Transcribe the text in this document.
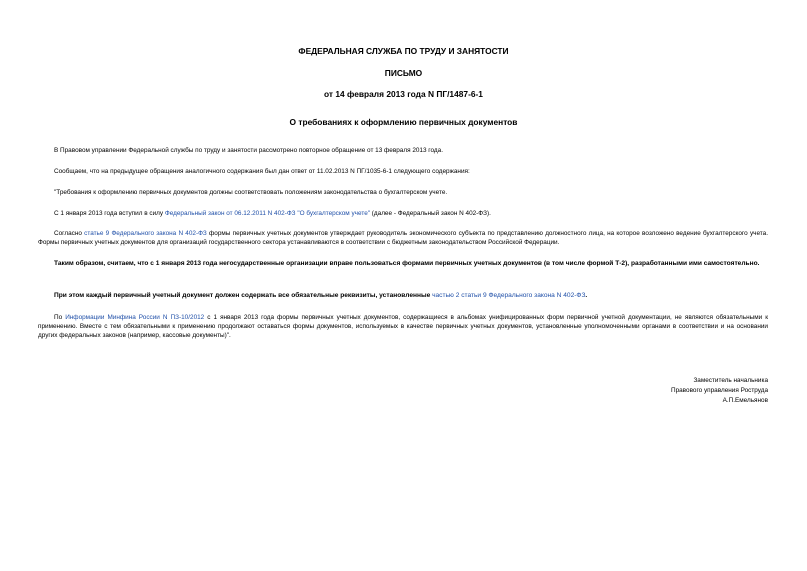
ФЕДЕРАЛЬНАЯ СЛУЖБА ПО ТРУДУ И ЗАНЯТОСТИ
ПИСЬМО
от 14 февраля 2013 года N ПГ/1487-6-1
О требованиях к оформлению первичных документов
В Правовом управлении Федеральной службы по труду и занятости рассмотрено повторное обращение от 13 февраля 2013 года.
Сообщаем, что на предыдущее обращения аналогичного содержания был дан ответ от 11.02.2013 N ПГ/1035-6-1 следующего содержания:
"Требования к оформлению первичных документов должны соответствовать положениям законодательства о бухгалтерском учете.
С 1 января 2013 года вступил в силу Федеральный закон от 06.12.2011 N 402-ФЗ "О бухгалтерском учете" (далее - Федеральный закон N 402-ФЗ).
Согласно статье 9 Федерального закона N 402-ФЗ формы первичных учетных документов утверждает руководитель экономического субъекта по представлению должностного лица, на которое возложено ведение бухгалтерского учета. Формы первичных учетных документов для организаций государственного сектора устанавливаются в соответствии с бюджетным законодательством Российской Федерации.
Таким образом, считаем, что с 1 января 2013 года негосударственные организации вправе пользоваться формами первичных учетных документов (в том числе формой Т-2), разработанными ими самостоятельно.
При этом каждый первичный учетный документ должен содержать все обязательные реквизиты, установленные частью 2 статьи 9 Федерального закона N 402-ФЗ.
По Информации Минфина России N ПЗ-10/2012 с 1 января 2013 года формы первичных учетных документов, содержащиеся в альбомах унифицированных форм первичной учетной документации, не являются обязательными к применению. Вместе с тем обязательными к применению продолжают оставаться формы документов, используемых в качестве первичных учетных документов, установленные уполномоченными органами в соответствии и на основании других федеральных законов (например, кассовые документы)".
Заместитель начальника
Правового управления Роструда
А.П.Емельянов
